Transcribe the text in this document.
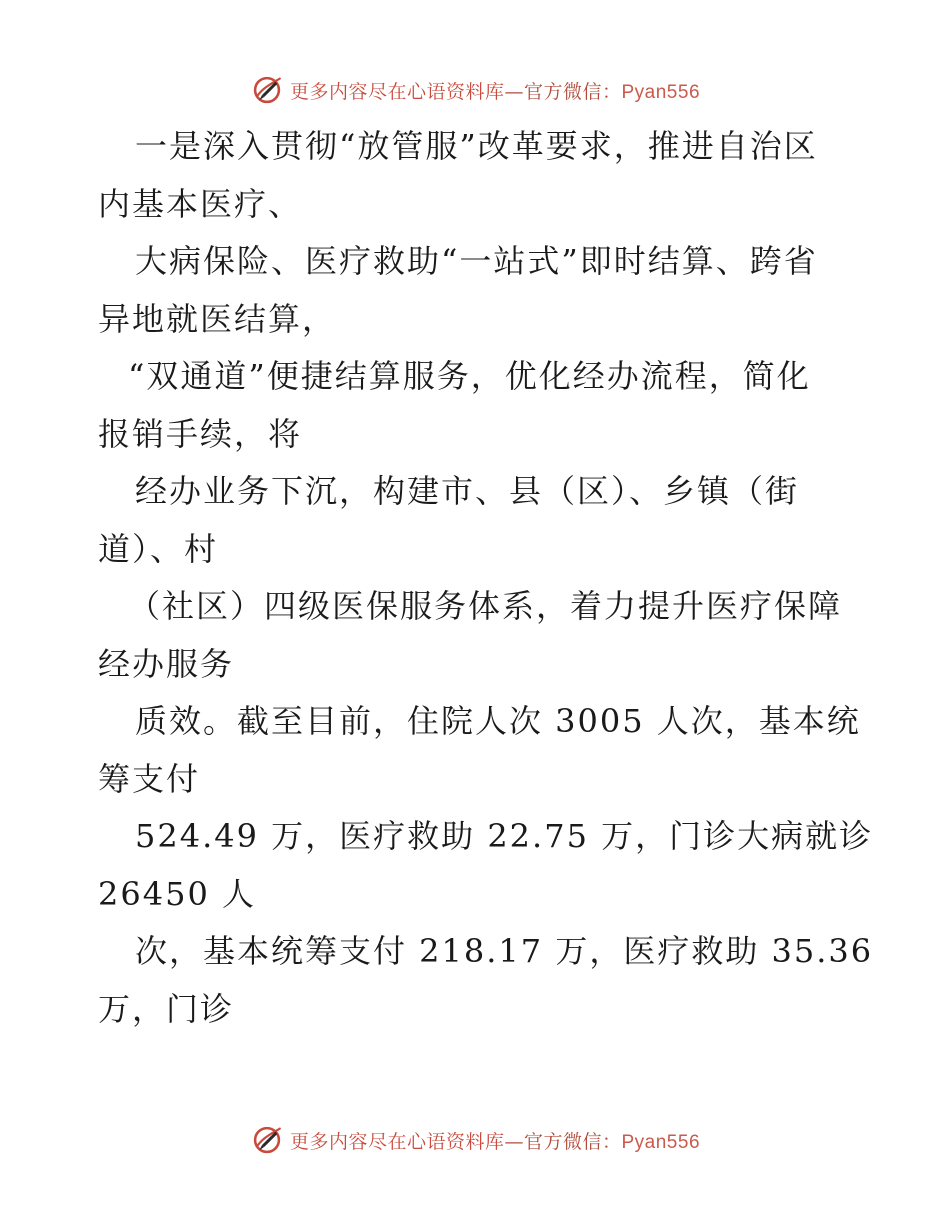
更多内容尽在心语资料库—官方微信：Pyan556
一是深入贯彻“放管服”改革要求，推进自治区
内基本医疗、
大病保险、医疗救助“一站式”即时结算、跨省
异地就医结算，
“双通道”便捷结算服务，优化经办流程，简化
报销手续，将
经办业务下沉，构建市、县（区）、乡镇（街
道）、村
（社区）四级医保服务体系，着力提升医疗保障
经办服务
质效。截至目前，住院人次 3005 人次，基本统
筹支付
524.49 万，医疗救助 22.75 万，门诊大病就诊
26450 人
次，基本统筹支付 218.17 万，医疗救助 35.36
万，门诊
更多内容尽在心语资料库—官方微信：Pyan556
